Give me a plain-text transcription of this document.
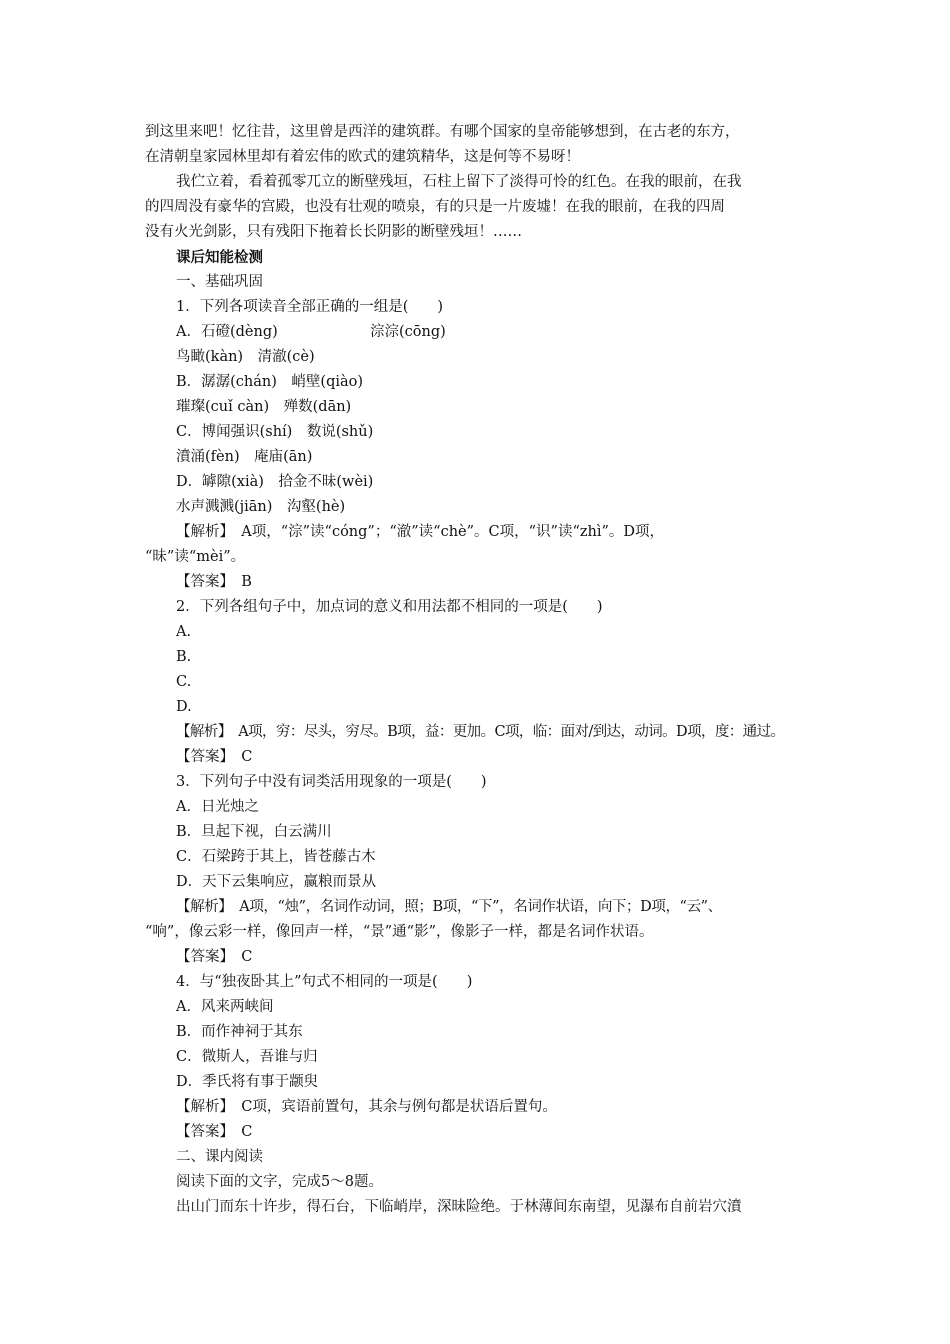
到这里来吧！忆往昔，这里曾是西洋的建筑群。有哪个国家的皇帝能够想到，在古老的东方，
在清朝皇家园林里却有着宏伟的欧式的建筑精华，这是何等不易呀！
我伫立着，看着孤零兀立的断壁残垣，石柱上留下了淡得可怜的红色。在我的眼前，在我
的四周没有豪华的宫殿，也没有壮观的喷泉，有的只是一片废墟！在我的眼前，在我的四周
没有火光剑影，只有残阳下拖着长长阴影的断壁残垣！……
课后知能检测
一、基础巩固
1．下列各项读音全部正确的一组是(　　)
A．石磴(dèng)	淙淙(cōng)
鸟瞰(kàn)　清澈(cè)
B．潺潺(chán)　峭壁(qiào)
璀璨(cuǐ càn)　殚数(dān)
C．博闻强识(shí)　数说(shǔ)
濆涌(fèn)　庵庙(ān)
D．罅隙(xià)　拾金不昧(wèi)
水声溅溅(jiān)　沟壑(hè)
【解析】　A项，“淙”读“cóng”；“澈”读“chè”。C项，“识”读“zhì”。D项，
“昧”读“mèi”。
【答案】　B
2．下列各组句子中，加点词的意义和用法都不相同的一项是(　　)
A.
B.
C.
D.
【解析】　A项，穷：尽头，穷尽。B项，益：更加。C项，临：面对/到达，动词。D项，度：通过。
【答案】　C
3．下列句子中没有词类活用现象的一项是(　　)
A．日光烛之
B．旦起下视，白云满川
C．石梁跨于其上，皆苍藤古木
D．天下云集响应，赢粮而景从
【解析】　A项，“烛”，名词作动词，照；B项，“下”，名词作状语，向下；D项，“云”、
“响”，像云彩一样，像回声一样，“景”通“影”，像影子一样，都是名词作状语。
【答案】　C
4．与“独夜卧其上”句式不相同的一项是(　　)
A．风来两峡间
B．而作神祠于其东
C．微斯人，吾谁与归
D．季氏将有事于颛臾
【解析】　C项，宾语前置句，其余与例句都是状语后置句。
【答案】　C
二、课内阅读
阅读下面的文字，完成5～8题。
出山门而东十许步，得石台，下临峭岸，深昧险绝。于林薄间东南望，见瀑布自前岩穴濆
